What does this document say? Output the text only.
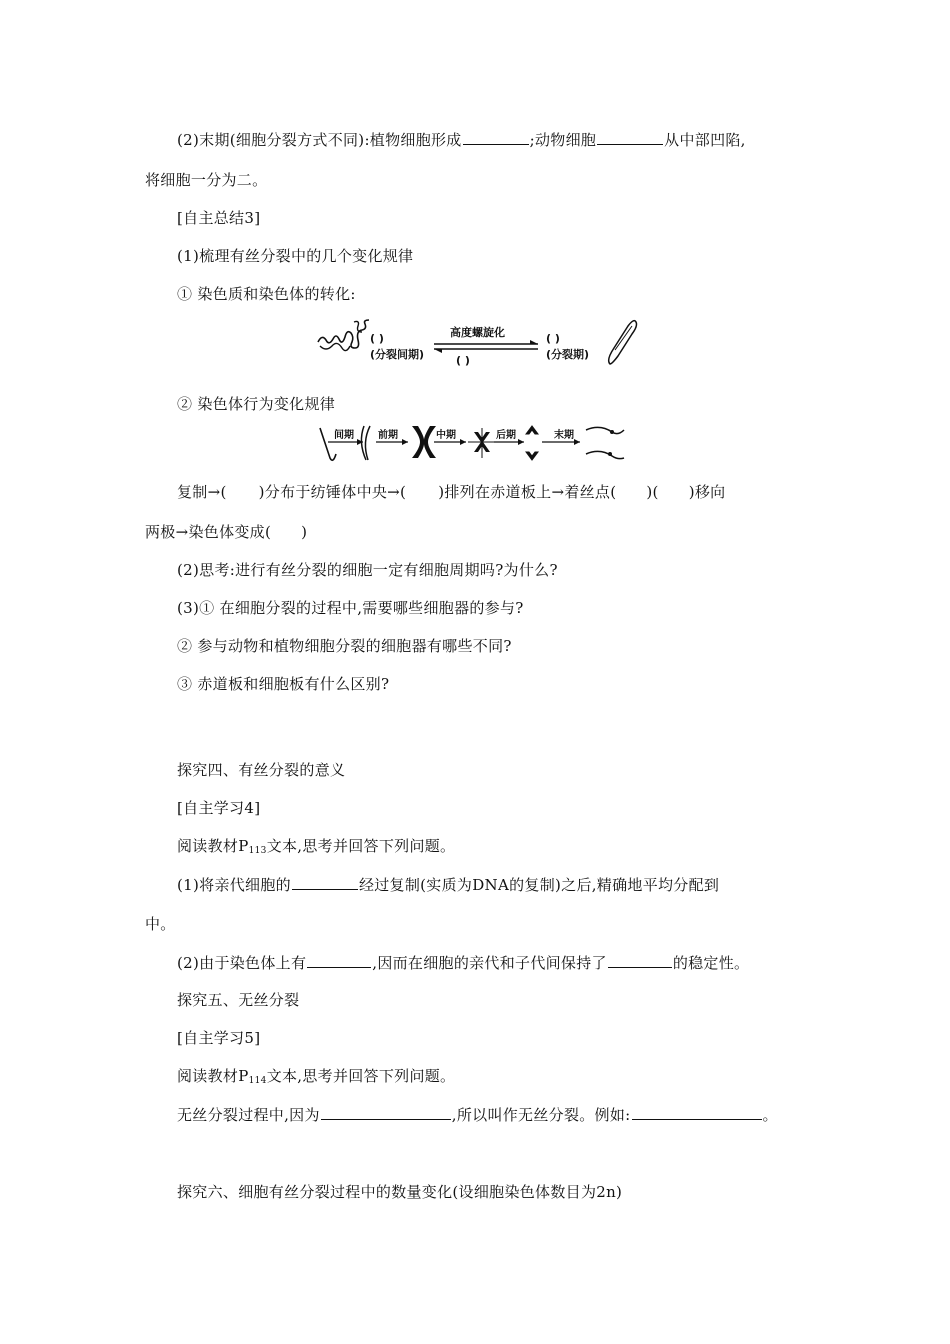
(2)末期(细胞分裂方式不同):植物细胞形成	;动物细胞	从中部凹陷,
将细胞一分为二。
[自主总结3]
(1)梳理有丝分裂中的几个变化规律
① 染色质和染色体的转化:
( )
(分裂间期)
高度螺旋化
( )
( )
(分裂期)
② 染色体行为变化规律
间期 前期	中期	后期	末期
复制→( )分布于纺锤体中央→( )排列在赤道板上→着丝点( )( )移向
两极→染色体变成( )
(2)思考:进行有丝分裂的细胞一定有细胞周期吗?为什么?
(3)① 在细胞分裂的过程中,需要哪些细胞器的参与?
② 参与动物和植物细胞分裂的细胞器有哪些不同?
③ 赤道板和细胞板有什么区别?
探究四、有丝分裂的意义
[自主学习4]
阅读教材$P_{113}$文本,思考并回答下列问题。
(1)将亲代细胞的	经过复制(实质为DNA的复制)之后,精确地平均分配到
中。
(2)由于染色体上有	,因而在细胞的亲代和子代间保持了	的稳定性。
探究五、无丝分裂
[自主学习5]
阅读教材$P_{114}$文本,思考并回答下列问题。
无丝分裂过程中,因为	,所以叫作无丝分裂。例如:	。
探究六、细胞有丝分裂过程中的数量变化(设细胞染色体数目为2n)
